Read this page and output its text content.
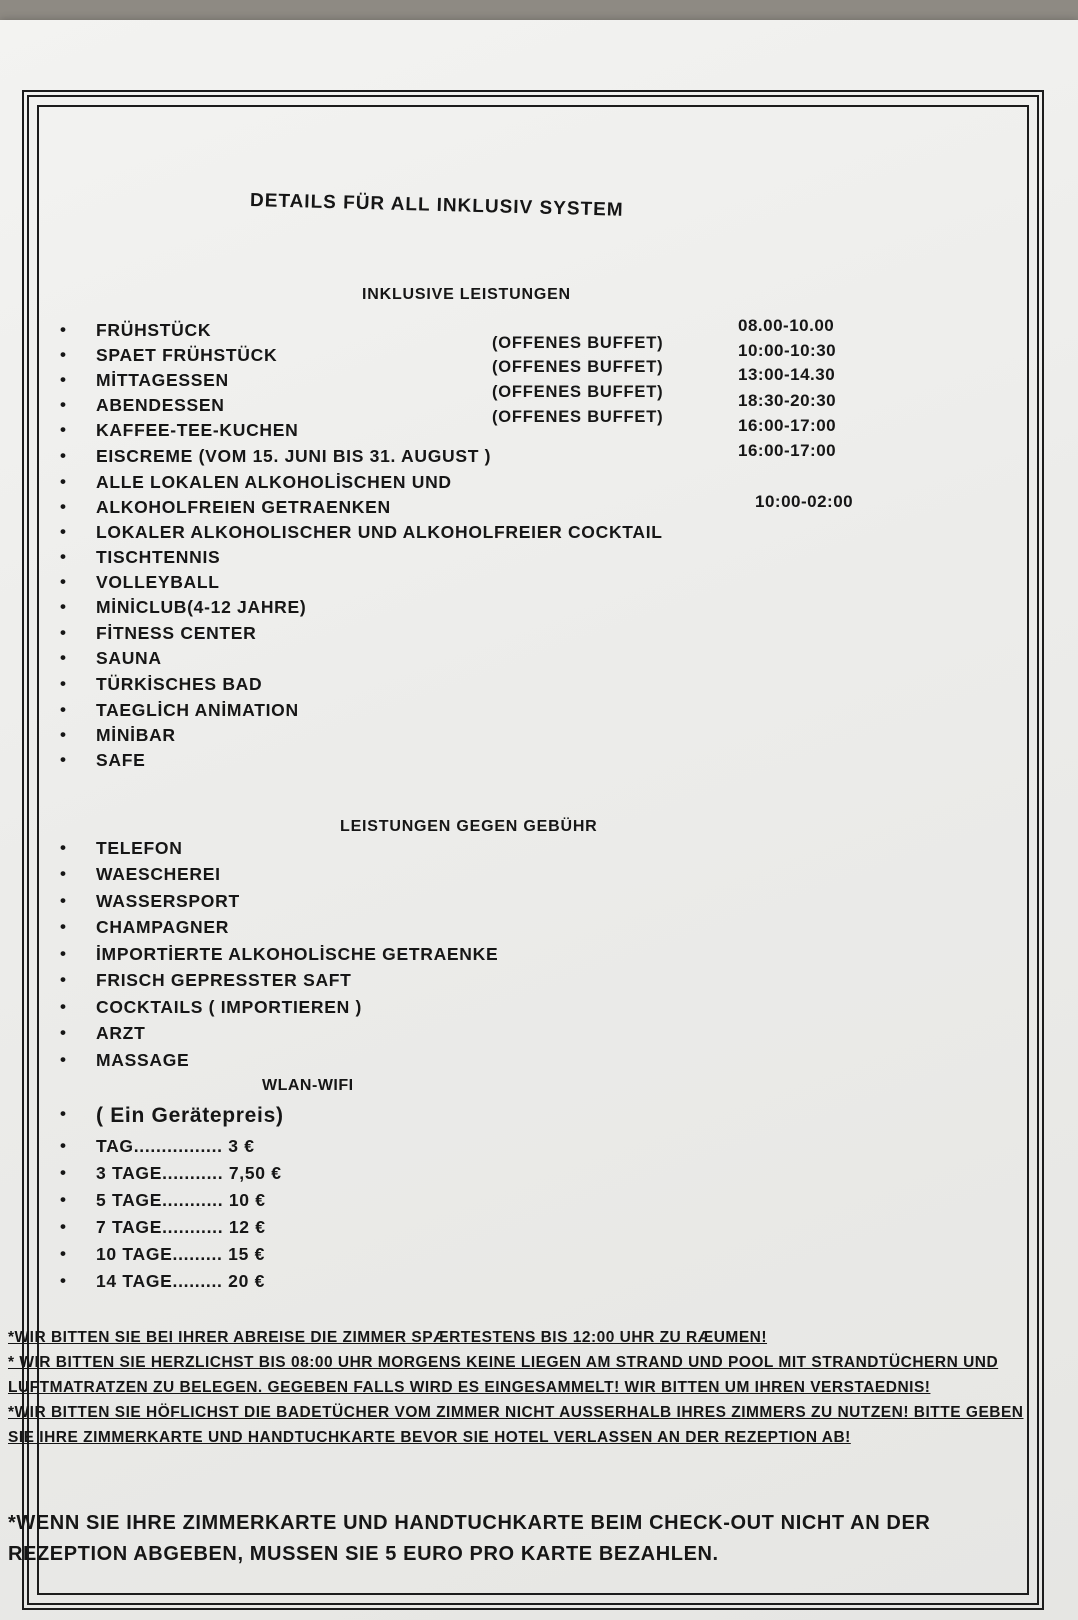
DETAILS FÜR ALL INKLUSIV SYSTEM
INKLUSIVE LEISTUNGEN
• FRÜHSTÜCK
• SPAET FRÜHSTÜCK
• MİTTAGESSEN
• ABENDESSEN
• KAFFEE-TEE-KUCHEN
• EISCREME (VOM 15. JUNI BIS 31. AUGUST )
• ALLE LOKALEN ALKOHOLİSCHEN UND
• ALKOHOLFREIEN GETRAENKEN
• LOKALER ALKOHOLISCHER UND ALKOHOLFREIER COCKTAIL
• TISCHTENNIS
• VOLLEYBALL
• MİNİCLUB(4-12 JAHRE)
• FİTNESS CENTER
• SAUNA
• TÜRKİSCHES BAD
• TAEGLİCH ANİMATION
• MİNİBAR
• SAFE
(OFFENES BUFFET)
(OFFENES BUFFET)
(OFFENES BUFFET)
(OFFENES BUFFET)
08.00-10.00
10:00-10:30
13:00-14.30
18:30-20:30
16:00-17:00
16:00-17:00
10:00-02:00
LEISTUNGEN GEGEN GEBÜHR
• TELEFON
• WAESCHEREI
• WASSERSPORT
• CHAMPAGNER
• İMPORTİERTE ALKOHOLİSCHE GETRAENKE
• FRISCH GEPRESSTER SAFT
• COCKTAILS ( IMPORTIEREN )
• ARZT
• MASSAGE
WLAN-WIFI
• ( Ein Gerätepreis)
• TAG................ 3 €
• 3 TAGE........... 7,50 €
• 5 TAGE........... 10 €
• 7 TAGE........... 12 €
• 10 TAGE......... 15 €
• 14 TAGE......... 20 €
*WIR BITTEN SIE BEI IHRER ABREISE DIE ZIMMER SPÆRTESTENS BIS 12:00 UHR ZU RÆUMEN!
* WIR BITTEN SIE HERZLICHST BIS 08:00 UHR MORGENS KEINE LIEGEN AM STRAND UND POOL MIT STRANDTÜCHERN UND LUFTMATRATZEN ZU BELEGEN. GEGEBEN FALLS WIRD ES EINGESAMMELT! WIR BITTEN UM IHREN VERSTAEDNIS!
*WIR BITTEN SIE HÖFLICHST DIE BADETÜCHER VOM ZIMMER NICHT AUSSERHALB IHRES ZIMMERS ZU NUTZEN! BITTE GEBEN SIE IHRE ZIMMERKARTE UND HANDTUCHKARTE BEVOR SIE HOTEL VERLASSEN AN DER REZEPTION AB!
*WENN SIE IHRE ZIMMERKARTE UND HANDTUCHKARTE BEIM CHECK-OUT NICHT AN DER REZEPTION ABGEBEN, MUSSEN SIE 5 EURO PRO KARTE BEZAHLEN.
